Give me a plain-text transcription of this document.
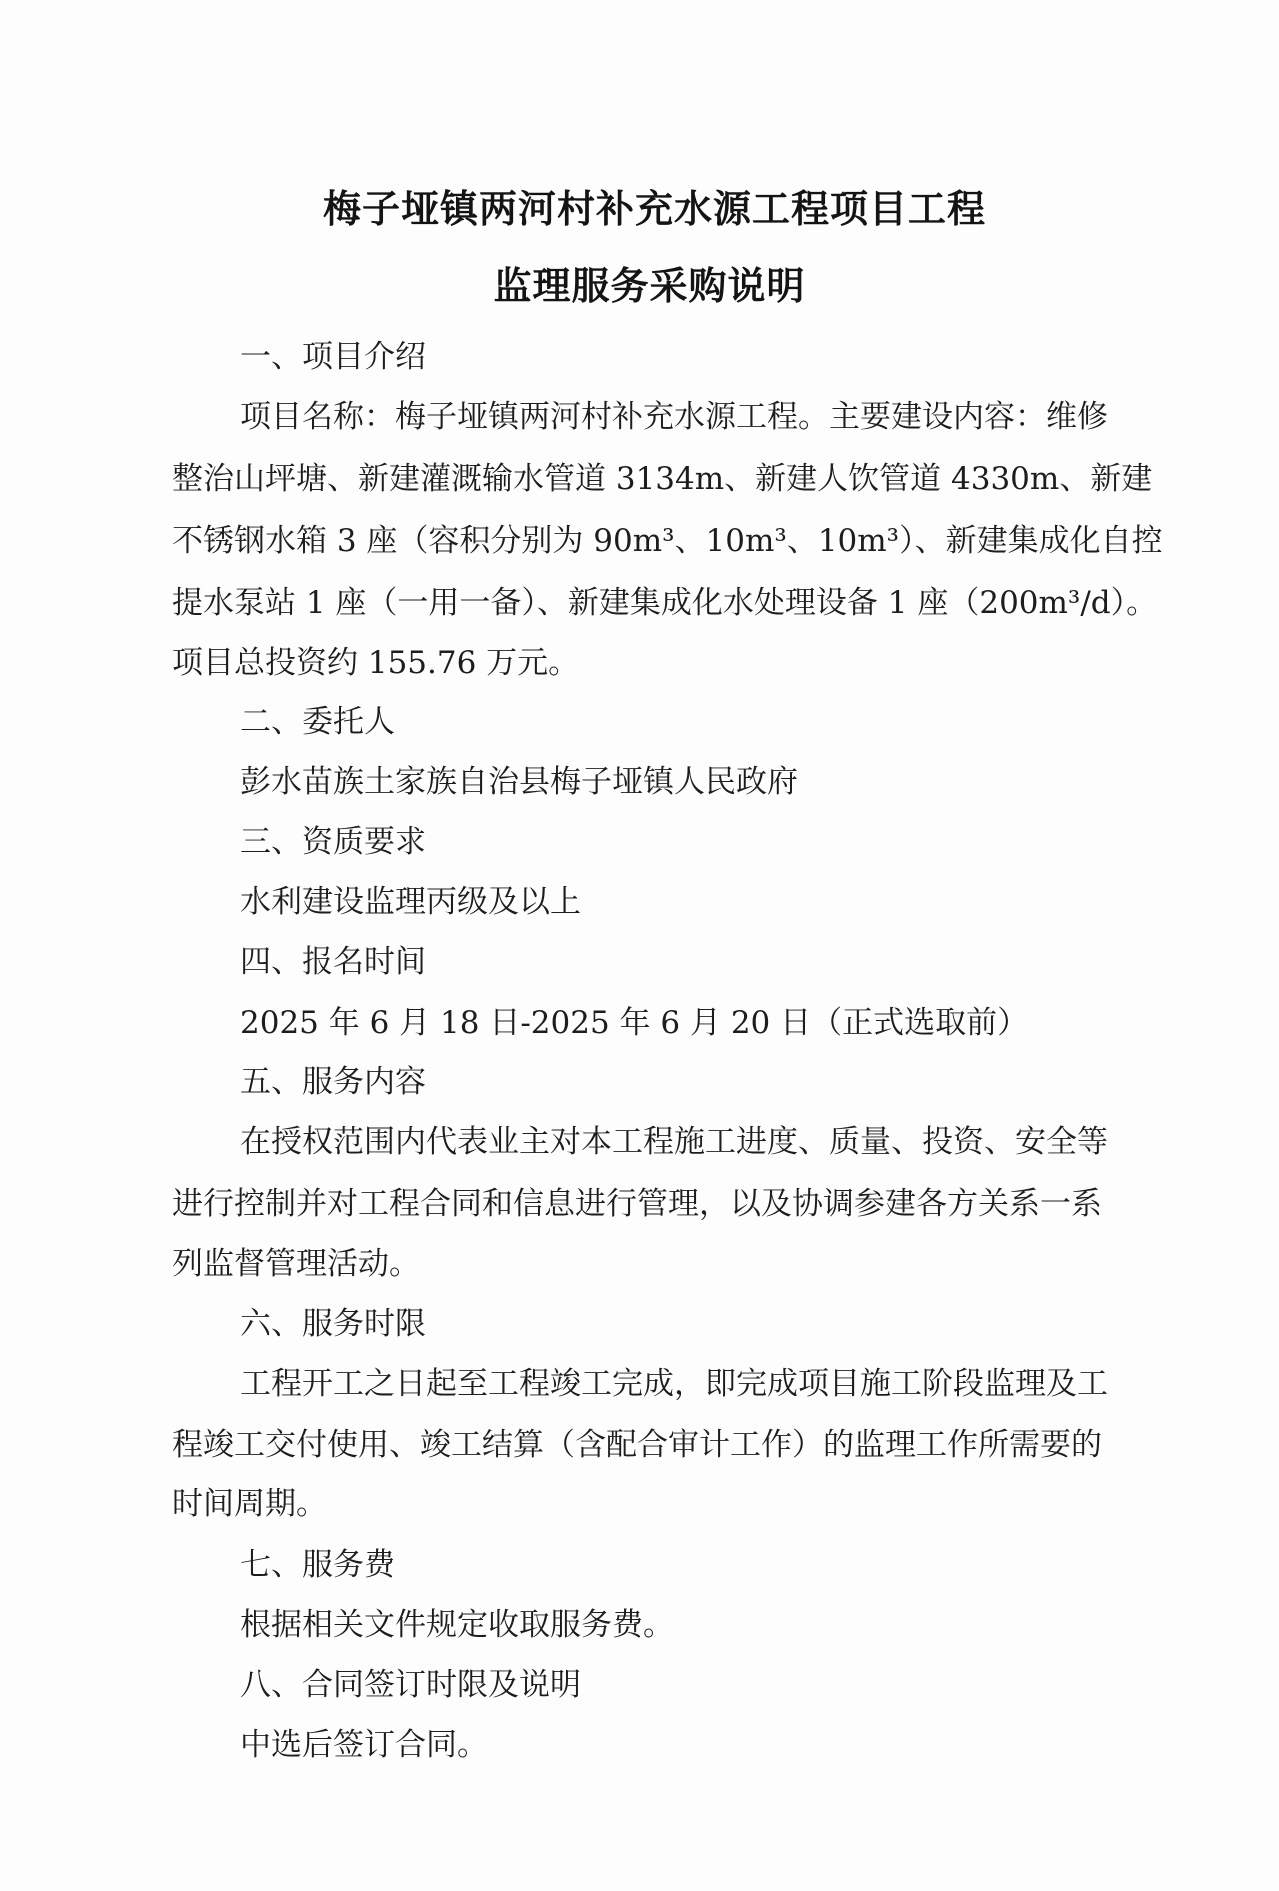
梅子垭镇两河村补充水源工程项目工程
监理服务采购说明
一、项目介绍
项目名称：梅子垭镇两河村补充水源工程。主要建设内容：维修
整治山坪塘、新建灌溉输水管道 3134m、新建人饮管道 4330m、新建
不锈钢水箱 3 座（容积分别为 90m³、10m³、10m³）、新建集成化自控
提水泵站 1 座（一用一备）、新建集成化水处理设备 1 座（200m³/d）。
项目总投资约 155.76 万元。
二、委托人
彭水苗族土家族自治县梅子垭镇人民政府
三、资质要求
水利建设监理丙级及以上
四、报名时间
2025 年 6 月 18 日-2025 年 6 月 20 日（正式选取前）
五、服务内容
在授权范围内代表业主对本工程施工进度、质量、投资、安全等
进行控制并对工程合同和信息进行管理，以及协调参建各方关系一系
列监督管理活动。
六、服务时限
工程开工之日起至工程竣工完成，即完成项目施工阶段监理及工
程竣工交付使用、竣工结算（含配合审计工作）的监理工作所需要的
时间周期。
七、服务费
根据相关文件规定收取服务费。
八、合同签订时限及说明
中选后签订合同。
